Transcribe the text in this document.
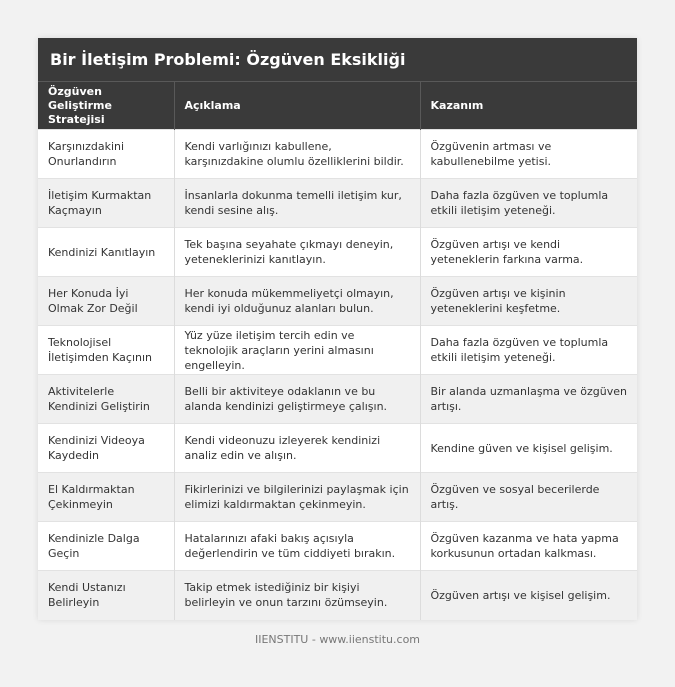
Bir İletişim Problemi: Özgüven Eksikliği
Özgüven Geliştirme Stratejisi	Açıklama	Kazanım
Karşınızdakini Onurlandırın	Kendi varlığınızı kabullene, karşınızdakine olumlu özelliklerini bildir.	Özgüvenin artması ve kabullenebilme yetisi.
İletişim Kurmaktan Kaçmayın	İnsanlarla dokunma temelli iletişim kur, kendi sesine alış.	Daha fazla özgüven ve toplumla etkili iletişim yeteneği.
Kendinizi Kanıtlayın	Tek başına seyahate çıkmayı deneyin, yeteneklerinizi kanıtlayın.	Özgüven artışı ve kendi yeteneklerin farkına varma.
Her Konuda İyi Olmak Zor Değil	Her konuda mükemmeliyetçi olmayın, kendi iyi olduğunuz alanları bulun.	Özgüven artışı ve kişinin yeteneklerini keşfetme.
Teknolojisel İletişimden Kaçının	Yüz yüze iletişim tercih edin ve teknolojik araçların yerini almasını engelleyin.	Daha fazla özgüven ve toplumla etkili iletişim yeteneği.
Aktivitelerle Kendinizi Geliştirin	Belli bir aktiviteye odaklanın ve bu alanda kendinizi geliştirmeye çalışın.	Bir alanda uzmanlaşma ve özgüven artışı.
Kendinizi Videoya Kaydedin	Kendi videonuzu izleyerek kendinizi analiz edin ve alışın.	Kendine güven ve kişisel gelişim.
El Kaldırmaktan Çekinmeyin	Fikirlerinizi ve bilgilerinizi paylaşmak için elimizi kaldırmaktan çekinmeyin.	Özgüven ve sosyal becerilerde artış.
Kendinizle Dalga Geçin	Hatalarınızı afaki bakış açısıyla değerlendirin ve tüm ciddiyeti bırakın.	Özgüven kazanma ve hata yapma korkusunun ortadan kalkması.
Kendi Ustanızı Belirleyin	Takip etmek istediğiniz bir kişiyi belirleyin ve onun tarzını özümseyin.	Özgüven artışı ve kişisel gelişim.
IIENSTITU - www.iienstitu.com
